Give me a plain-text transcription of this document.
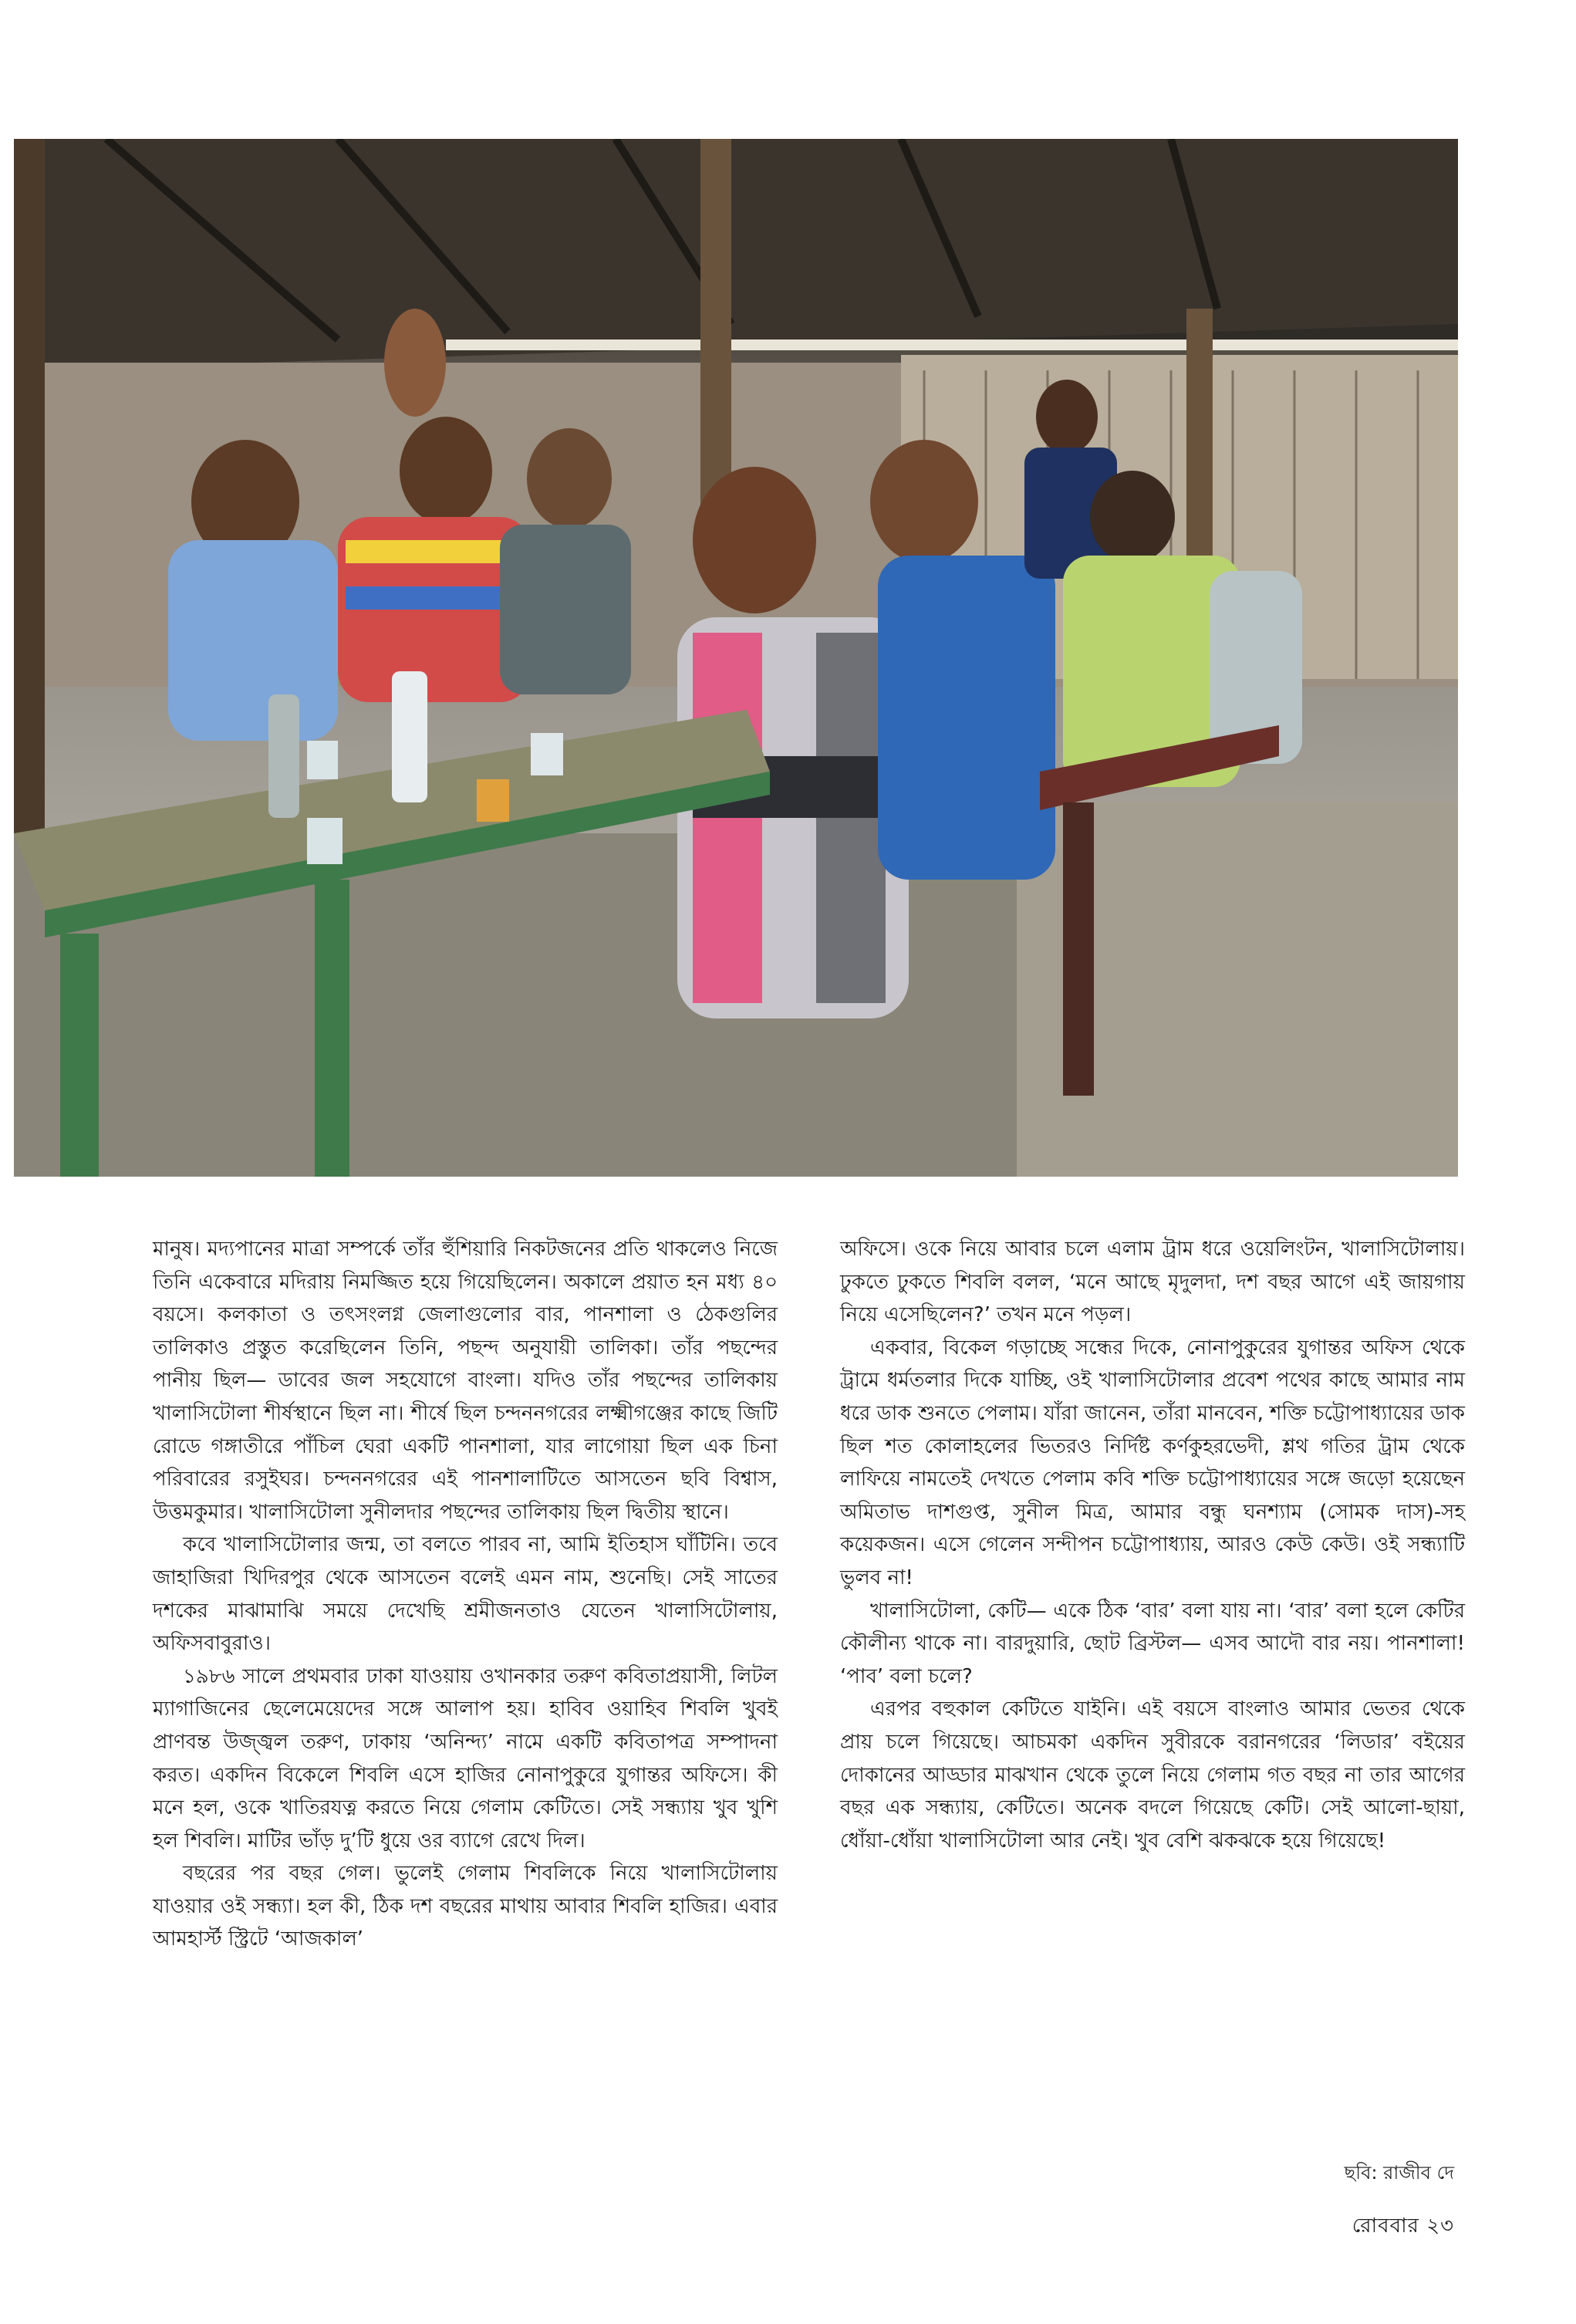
মানুষ। মদ্যপানের মাত্রা সম্পর্কে তাঁর হুঁশিয়ারি নিকটজনের প্রতি থাকলেও নিজে তিনি একেবারে মদিরায় নিমজ্জিত হয়ে গিয়েছিলেন। অকালে প্রয়াত হন মধ্য ৪০ বয়সে। কলকাতা ও তৎসংলগ্ন জেলাগুলোর বার, পানশালা ও ঠেকগুলির তালিকাও প্রস্তুত করেছিলেন তিনি, পছন্দ অনুযায়ী তালিকা। তাঁর পছন্দের পানীয় ছিল— ডাবের জল সহযোগে বাংলা। যদিও তাঁর পছন্দের তালিকায় খালাসিটোলা শীর্ষস্থানে ছিল না। শীর্ষে ছিল চন্দননগরের লক্ষ্মীগঞ্জের কাছে জিটি রোডে গঙ্গাতীরে পাঁচিল ঘেরা একটি পানশালা, যার লাগোয়া ছিল এক চিনা পরিবারের রসুইঘর। চন্দননগরের এই পানশালাটিতে আসতেন ছবি বিশ্বাস, উত্তমকুমার। খালাসিটোলা সুনীলদার পছন্দের তালিকায় ছিল দ্বিতীয় স্থানে।

কবে খালাসিটোলার জন্ম, তা বলতে পারব না, আমি ইতিহাস ঘাঁটিনি। তবে জাহাজিরা খিদিরপুর থেকে আসতেন বলেই এমন নাম, শুনেছি। সেই সাতের দশকের মাঝামাঝি সময়ে দেখেছি শ্রমীজনতাও যেতেন খালাসিটোলায়, অফিসবাবুরাও।

১৯৮৬ সালে প্রথমবার ঢাকা যাওয়ায় ওখানকার তরুণ কবিতাপ্রয়াসী, লিটল ম্যাগাজিনের ছেলেমেয়েদের সঙ্গে আলাপ হয়। হাবিব ওয়াহিব শিবলি খুবই প্রাণবন্ত উজ্জ্বল তরুণ, ঢাকায় ‘অনিন্দ্য’ নামে একটি কবিতাপত্র সম্পাদনা করত। একদিন বিকেলে শিবলি এসে হাজির নোনাপুকুরে যুগান্তর অফিসে। কী মনে হল, ওকে খাতিরযত্ন করতে নিয়ে গেলাম কেটিতে। সেই সন্ধ্যায় খুব খুশি হল শিবলি। মাটির ভাঁড় দু’টি ধুয়ে ওর ব্যাগে রেখে দিল।

বছরের পর বছর গেল। ভুলেই গেলাম শিবলিকে নিয়ে খালাসিটোলায় যাওয়ার ওই সন্ধ্যা। হল কী, ঠিক দশ বছরের মাথায় আবার শিবলি হাজির। এবার আমহার্স্ট স্ট্রিটে ‘আজকাল’

অফিসে। ওকে নিয়ে আবার চলে এলাম ট্রাম ধরে ওয়েলিংটন, খালাসিটোলায়। ঢুকতে ঢুকতে শিবলি বলল, ‘মনে আছে মৃদুলদা, দশ বছর আগে এই জায়গায় নিয়ে এসেছিলেন?’ তখন মনে পড়ল।

একবার, বিকেল গড়াচ্ছে সন্ধের দিকে, নোনাপুকুরের যুগান্তর অফিস থেকে ট্রামে ধর্মতলার দিকে যাচ্ছি, ওই খালাসিটোলার প্রবেশ পথের কাছে আমার নাম ধরে ডাক শুনতে পেলাম। যাঁরা জানেন, তাঁরা মানবেন, শক্তি চট্টোপাধ্যায়ের ডাক ছিল শত কোলাহলের ভিতরও নির্দিষ্ট কর্ণকুহরভেদী, শ্লথ গতির ট্রাম থেকে লাফিয়ে নামতেই দেখতে পেলাম কবি শক্তি চট্টোপাধ্যায়ের সঙ্গে জড়ো হয়েছেন অমিতাভ দাশগুপ্ত, সুনীল মিত্র, আমার বন্ধু ঘনশ্যাম (সোমক দাস)-সহ কয়েকজন। এসে গেলেন সন্দীপন চট্টোপাধ্যায়, আরও কেউ কেউ। ওই সন্ধ্যাটি ভুলব না!

খালাসিটোলা, কেটি— একে ঠিক ‘বার’ বলা যায় না। ‘বার’ বলা হলে কেটির কৌলীন্য থাকে না। বারদুয়ারি, ছোট ব্রিস্টল— এসব আদৌ বার নয়। পানশালা! ‘পাব’ বলা চলে?

এরপর বহুকাল কেটিতে যাইনি। এই বয়সে বাংলাও আমার ভেতর থেকে প্রায় চলে গিয়েছে। আচমকা একদিন সুবীরকে বরানগরের ‘লিডার’ বইয়ের দোকানের আড্ডার মাঝখান থেকে তুলে নিয়ে গেলাম গত বছর না তার আগের বছর এক সন্ধ্যায়, কেটিতে। অনেক বদলে গিয়েছে কেটি। সেই আলো-ছায়া, ধোঁয়া-ধোঁয়া খালাসিটোলা আর নেই। খুব বেশি ঝকঝকে হয়ে গিয়েছে!

ছবি: রাজীব দে
রোববার ২৩
